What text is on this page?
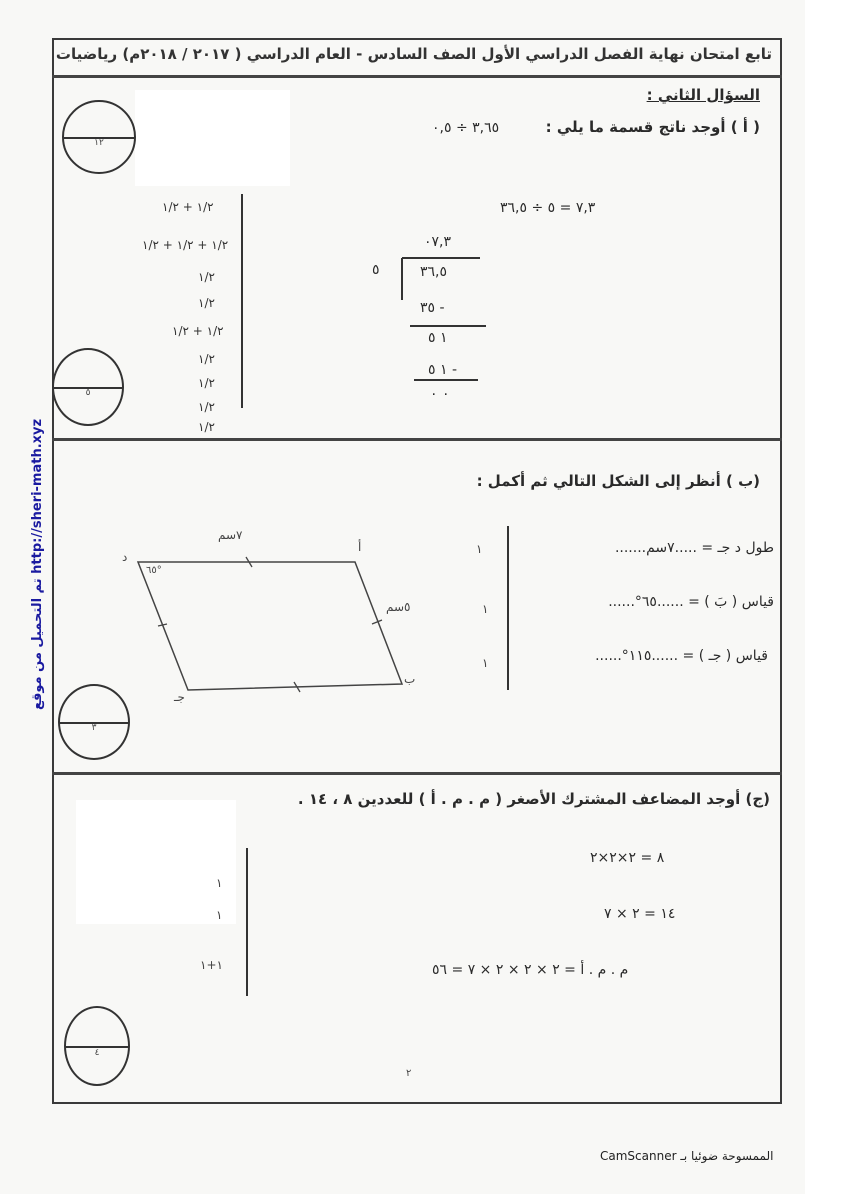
تابع امتحان نهاية الفصل الدراسي الأول الصف السادس - العام الدراسي ( ٢٠١٧ / ٢٠١٨م) رياضيات
السؤال الثاني :
( أ ) أوجد ناتج قسمة ما يلي :
٣,٦٥ ÷ ٠,٥
١٢
٥
٧,٣ = ٥ ÷ ٣٦,٥
٠٧,٣
٥	٣٦,٥
٣٥ -
١ ٥
١ ٥ -
٠ ٠
١/٢ + ١/٢
١/٢ + ١/٢ + ١/٢
١/٢
١/٢
١/٢ + ١/٢
١/٢
١/٢
١/٢
١/٢
(ب ) أنظر إلى الشكل التالي ثم أكمل :
٧سم
٥سم
٦٥°
د
أ
ب
جـ
طول د جـ = .....٧سم.......
قياس ( بَ ) = ......٦٥°......
قياس ( جـ ) = ......١١٥°......
١
١
١
٣
(ج) أوجد المضاعف المشترك الأصغر ( م . م . أ ) للعددين ٨ ، ١٤ .
٨ = ٢×٢×٢
١٤ = ٢ × ٧
م . م . أ = ٢ × ٢ × ٢ × ٧ = ٥٦
١
١
١+١
٤
٢
تم التحميل من موقع http://sheri-math.xyz
الممسوحة ضوئيا بـ CamScanner
